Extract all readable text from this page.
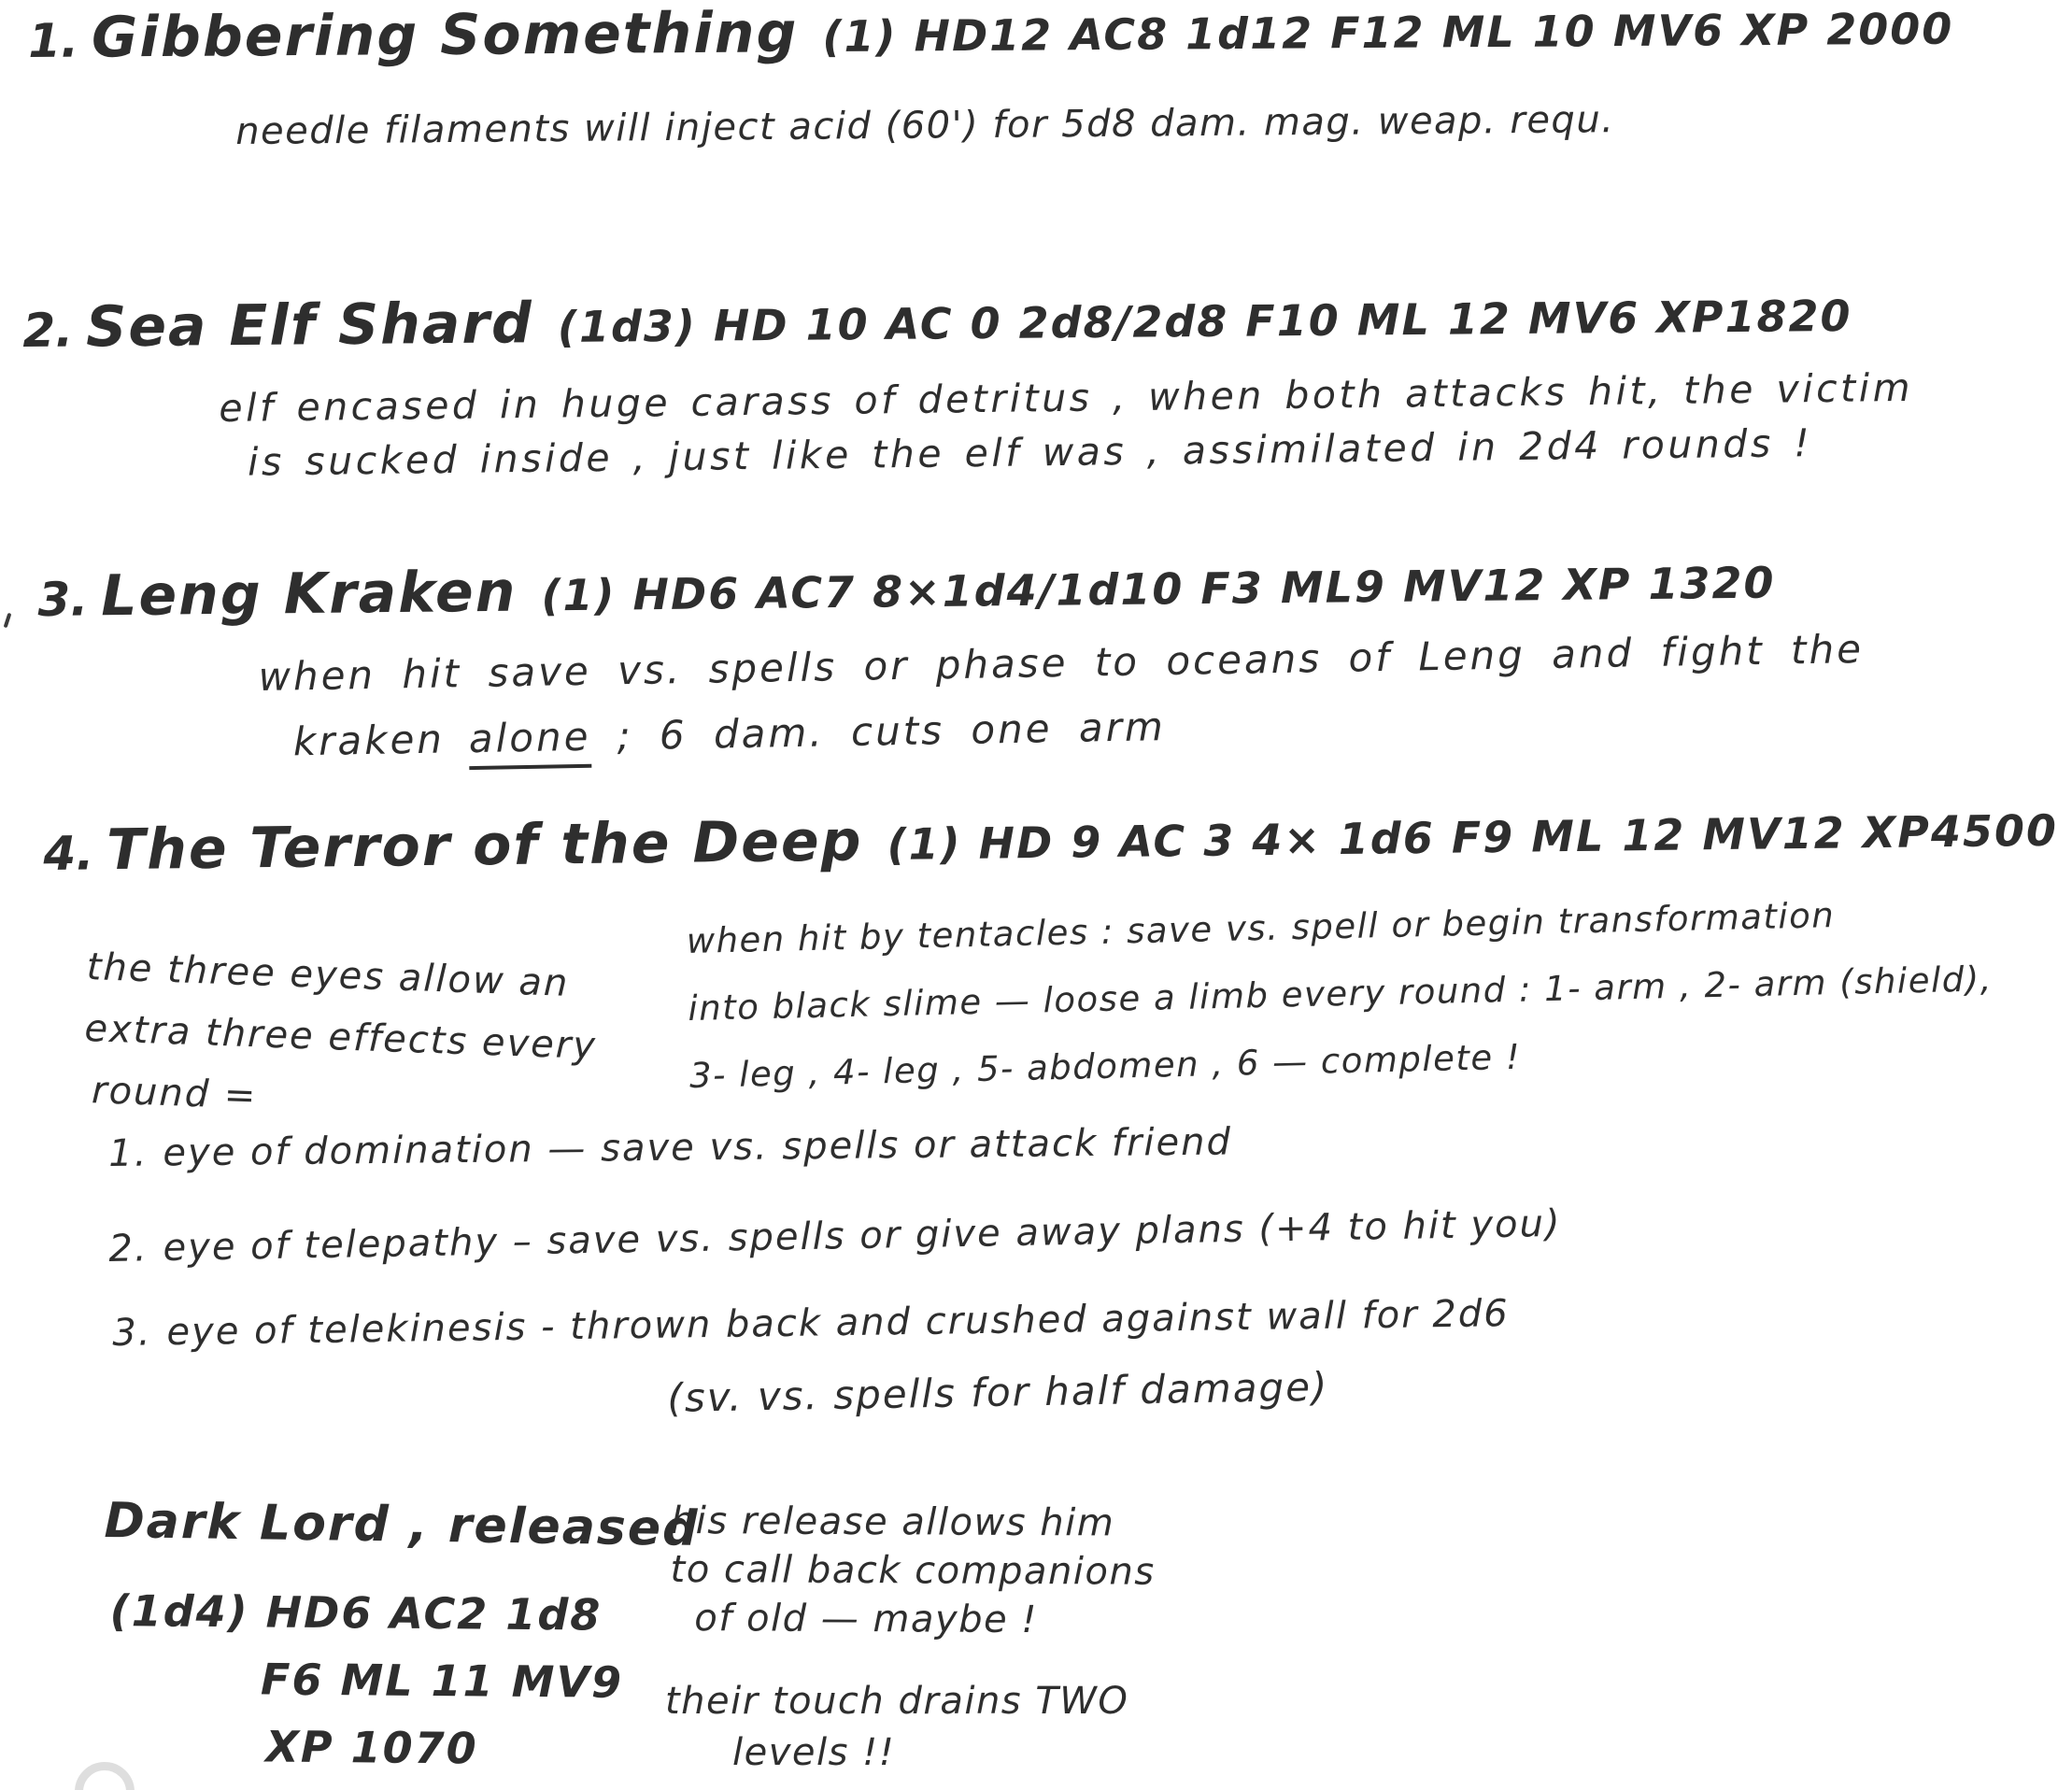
1. Gibbering Something (1) HD12 AC8 1d12 F12 ML 10 MV6 XP 2000
needle filaments will inject acid (60') for 5d8 dam. mag. weap. requ.
2. Sea Elf Shard (1d3) HD 10 AC 0 2d8/2d8 F10 ML 12 MV6 XP1820
elf encased in huge carass of detritus , when both attacks hit, the victim
is sucked inside , just like the elf was , assimilated in 2d4 rounds !
3. Leng Kraken (1) HD6 AC7 8×1d4/1d10 F3 ML9 MV12 XP 1320
when hit save vs. spells or phase to oceans of Leng and fight the
kraken alone ; 6 dam. cuts one arm
4. The Terror of the Deep (1) HD 9 AC 3 4× 1d6 F9 ML 12 MV12 XP4500
the three eyes allow an
extra three effects every
round =
when hit by tentacles : save vs. spell or begin transformation
into black slime — loose a limb every round : 1- arm , 2- arm (shield),
3- leg , 4- leg , 5- abdomen , 6 — complete !
1. eye of domination — save vs. spells or attack friend
2. eye of telepathy – save vs. spells or give away plans (+4 to hit you)
3. eye of telekinesis - thrown back and crushed against wall for 2d6
(sv. vs. spells for half damage)
Dark Lord , released
(1d4) HD6 AC2 1d8
F6 ML 11 MV9
XP 1070
his release allows him
to call back companions
of old — maybe !
their touch drains TWO
levels !!
